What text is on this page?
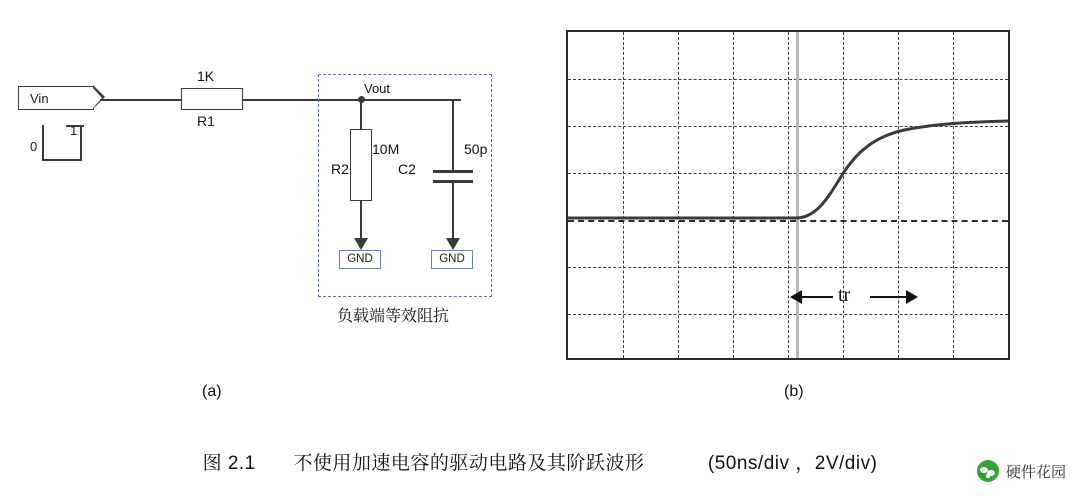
Vin
1
0
1K
R1
负载端等效阻抗
Vout
10M
R2
GND
50p
C2
GND
(a)
tr
(b)
图 2.1 不使用加速电容的驱动电路及其阶跃波形	(50ns/div ，2V/div)	硬件花园
